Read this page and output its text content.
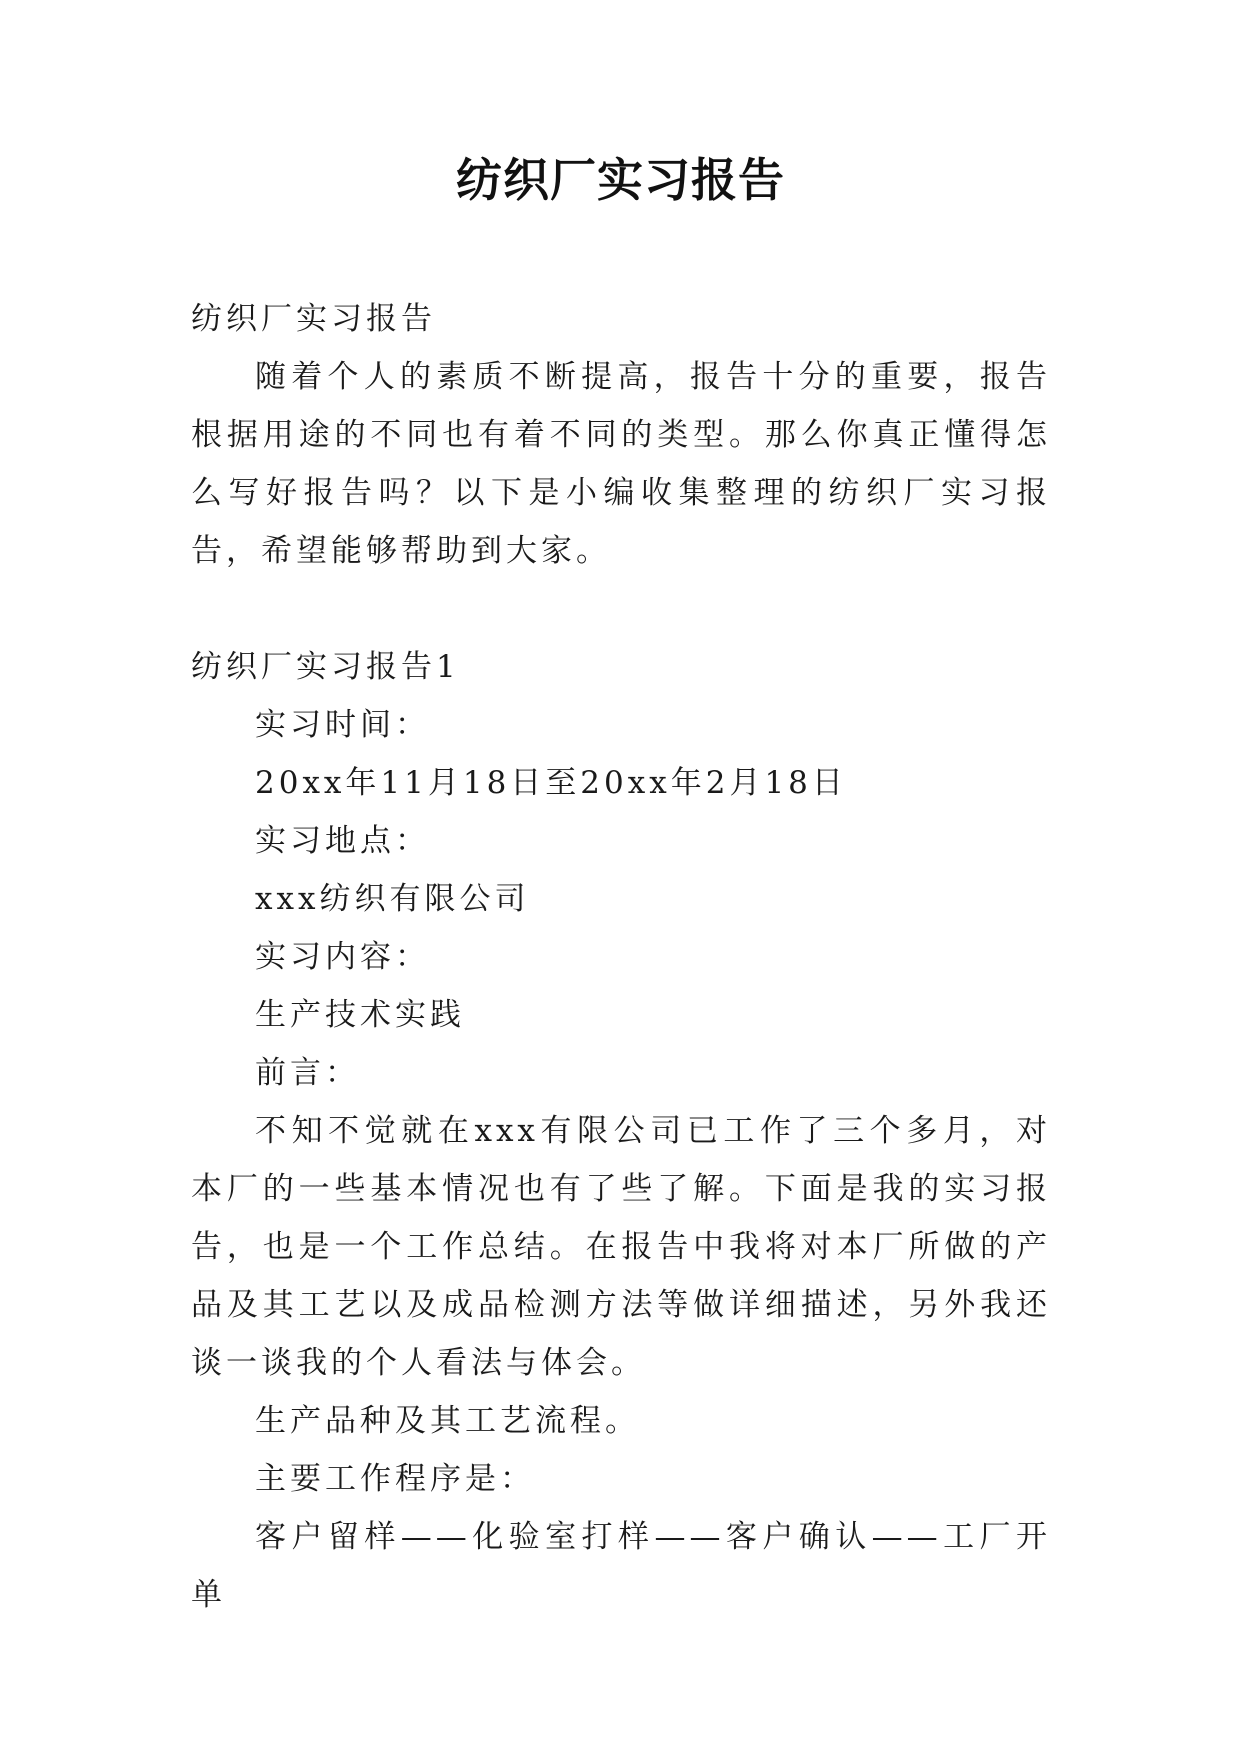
纺织厂实习报告

纺织厂实习报告

随着个人的素质不断提高，报告十分的重要，报告根据用途的不同也有着不同的类型。那么你真正懂得怎么写好报告吗？以下是小编收集整理的纺织厂实习报告，希望能够帮助到大家。

纺织厂实习报告1

实习时间：

20xx年11月18日至20xx年2月18日

实习地点：

xxx纺织有限公司

实习内容：

生产技术实践

前言：

不知不觉就在xxx有限公司已工作了三个多月，对本厂的一些基本情况也有了些了解。下面是我的实习报告，也是一个工作总结。在报告中我将对本厂所做的产品及其工艺以及成品检测方法等做详细描述，另外我还谈一谈我的个人看法与体会。

生产品种及其工艺流程。

主要工作程序是：

客户留样——化验室打样——客户确认——工厂开单
